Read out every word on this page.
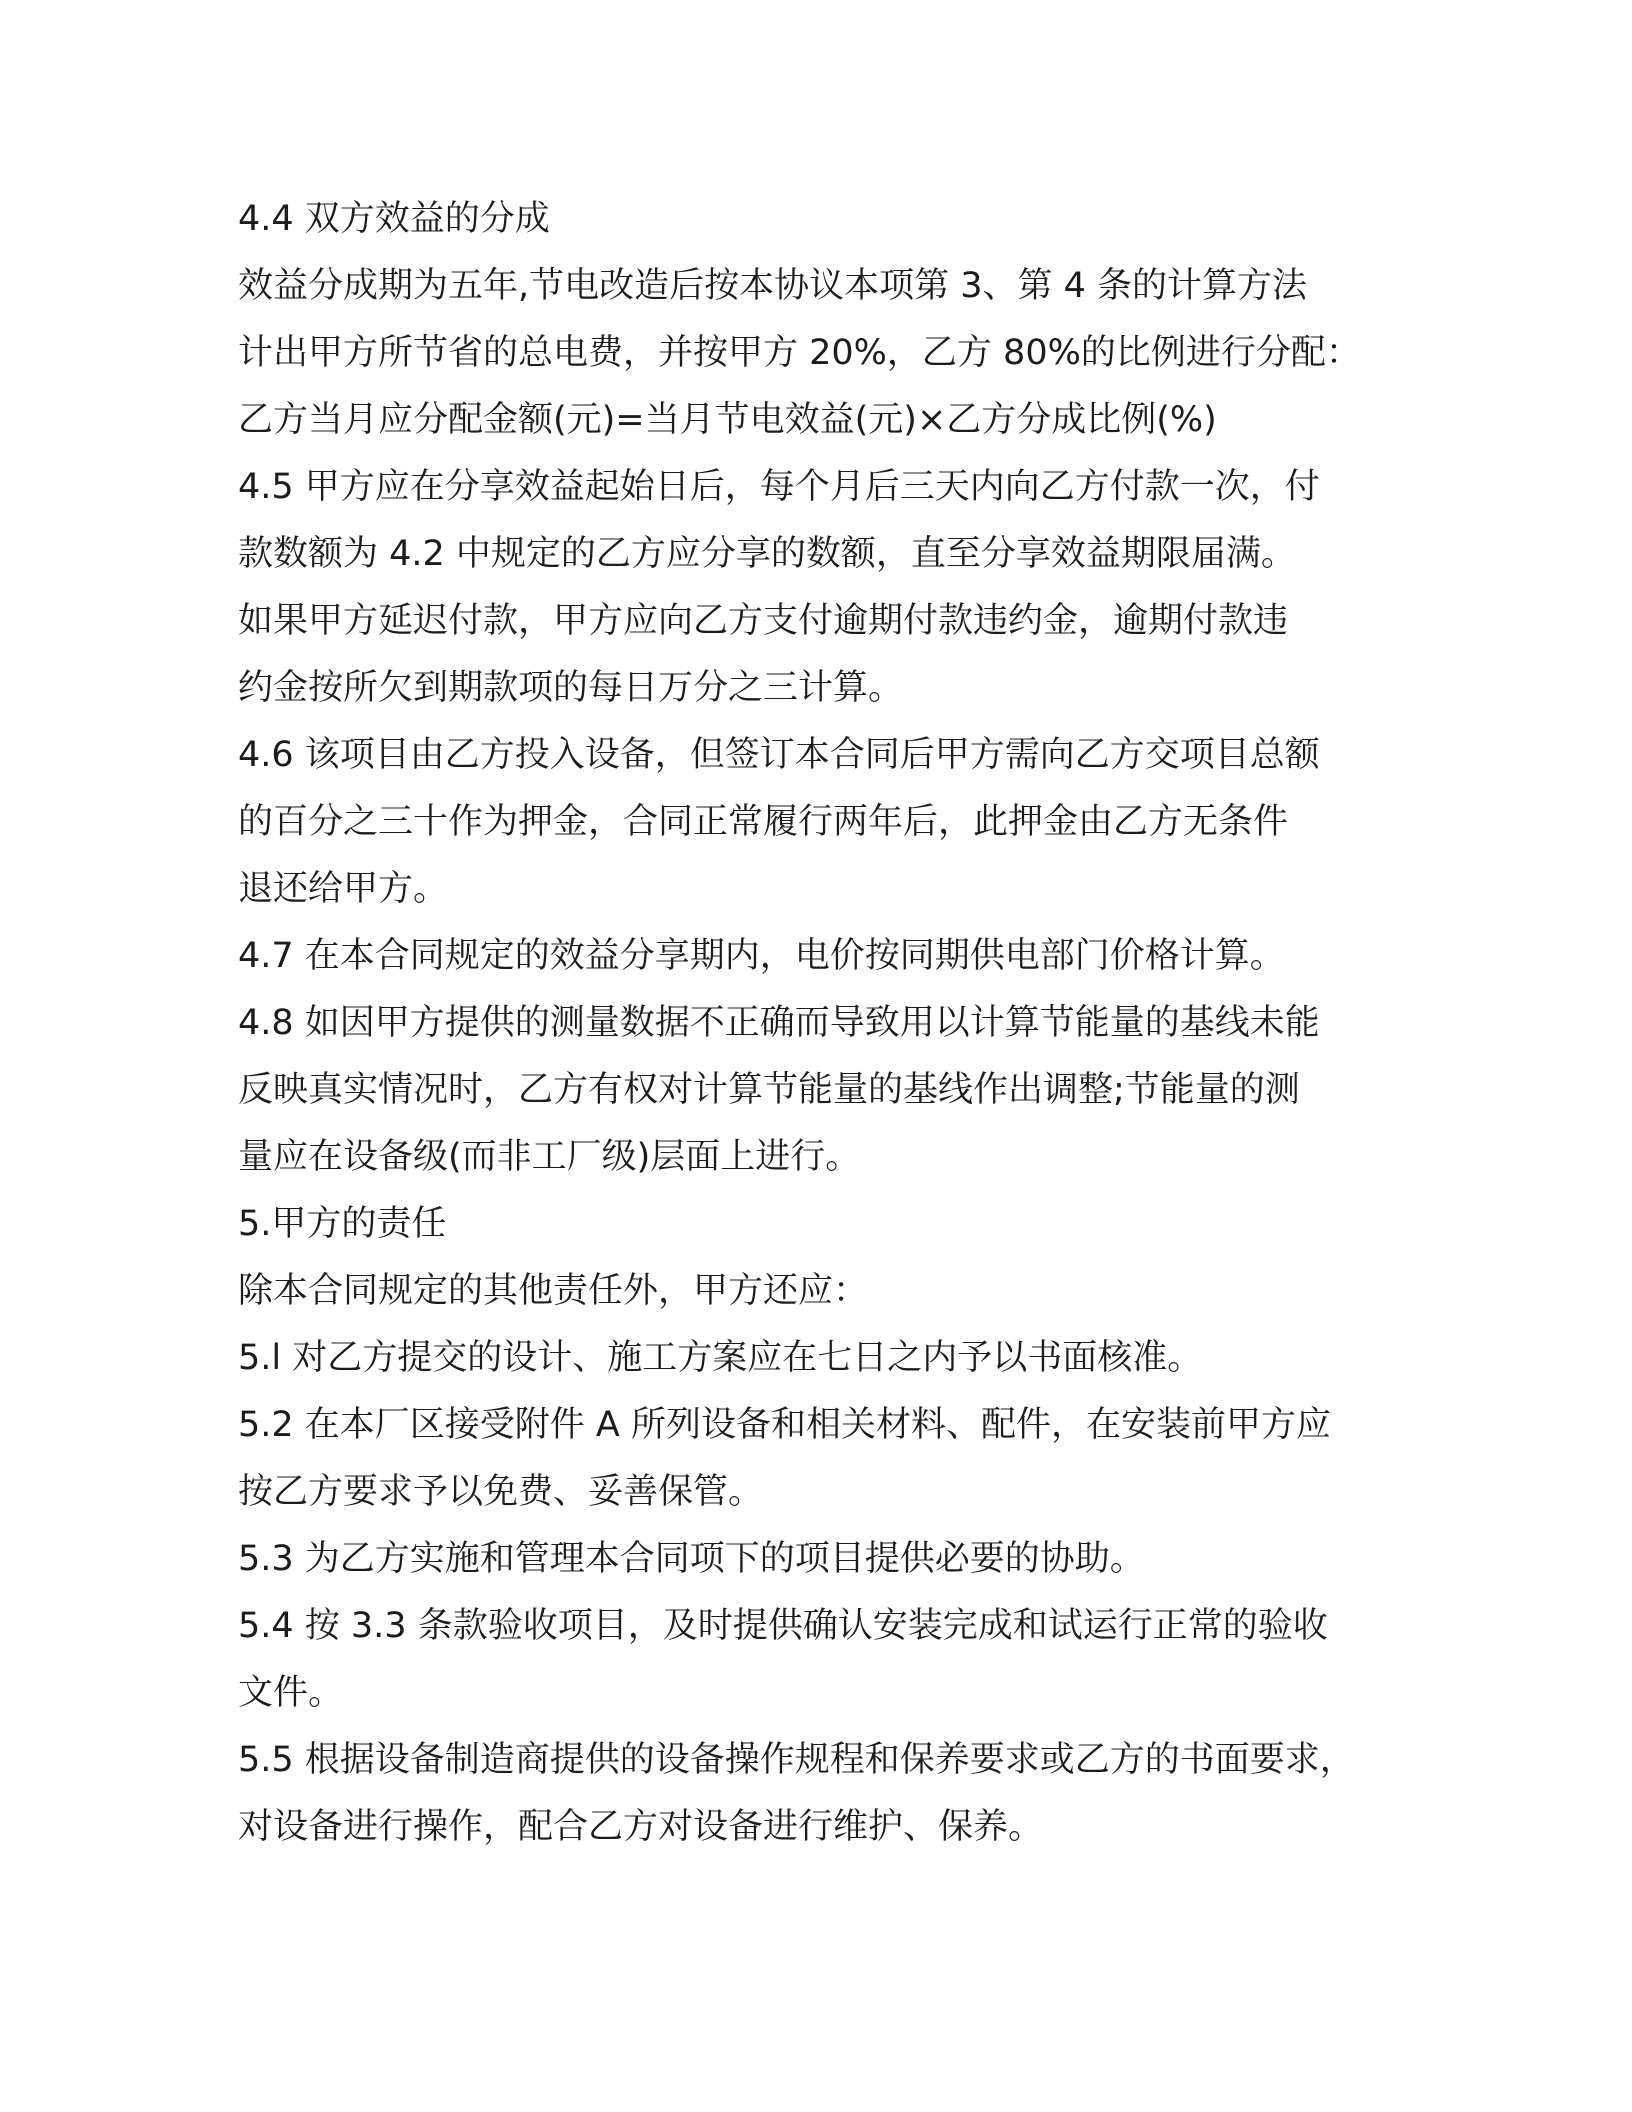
4.4 双方效益的分成
效益分成期为五年,节电改造后按本协议本项第 3、第 4 条的计算方法
计出甲方所节省的总电费，并按甲方 20%，乙方 80%的比例进行分配：
乙方当月应分配金额(元)=当月节电效益(元)×乙方分成比例(%)
4.5 甲方应在分享效益起始日后，每个月后三天内向乙方付款一次，付
款数额为 4.2 中规定的乙方应分享的数额，直至分享效益期限届满。
如果甲方延迟付款，甲方应向乙方支付逾期付款违约金，逾期付款违
约金按所欠到期款项的每日万分之三计算。
4.6 该项目由乙方投入设备，但签订本合同后甲方需向乙方交项目总额
的百分之三十作为押金，合同正常履行两年后，此押金由乙方无条件
退还给甲方。
4.7 在本合同规定的效益分享期内，电价按同期供电部门价格计算。
4.8 如因甲方提供的测量数据不正确而导致用以计算节能量的基线未能
反映真实情况时，乙方有权对计算节能量的基线作出调整;节能量的测
量应在设备级(而非工厂级)层面上进行。
5.甲方的责任
除本合同规定的其他责任外，甲方还应：
5.l 对乙方提交的设计、施工方案应在七日之内予以书面核准。
5.2 在本厂区接受附件 A 所列设备和相关材料、配件，在安装前甲方应
按乙方要求予以免费、妥善保管。
5.3 为乙方实施和管理本合同项下的项目提供必要的协助。
5.4 按 3.3 条款验收项目，及时提供确认安装完成和试运行正常的验收
文件。
5.5 根据设备制造商提供的设备操作规程和保养要求或乙方的书面要求，
对设备进行操作，配合乙方对设备进行维护、保养。
